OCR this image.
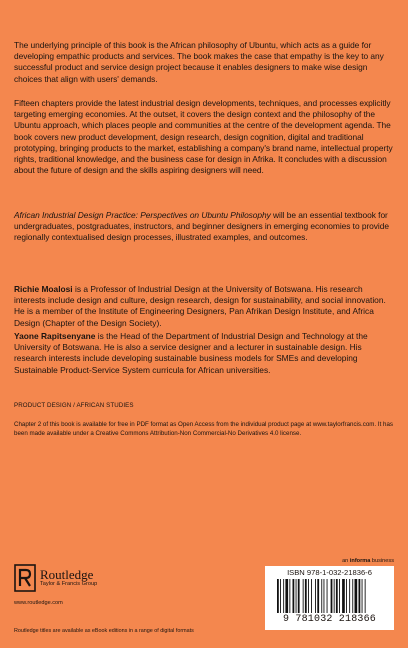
The underlying principle of this book is the African philosophy of Ubuntu, which acts as a guide for developing empathic products and services. The book makes the case that empathy is the key to any successful product and service design project because it enables designers to make wise design choices that align with users' demands.

Fifteen chapters provide the latest industrial design developments, techniques, and processes explicitly targeting emerging economies. At the outset, it covers the design context and the philosophy of the Ubuntu approach, which places people and communities at the centre of the development agenda. The book covers new product development, design research, design cognition, digital and traditional prototyping, bringing products to the market, establishing a company's brand name, intellectual property rights, traditional knowledge, and the business case for design in Afrika. It concludes with a discussion about the future of design and the skills aspiring designers will need.

African Industrial Design Practice: Perspectives on Ubuntu Philosophy will be an essential textbook for undergraduates, postgraduates, instructors, and beginner designers in emerging economies to provide regionally contextualised design processes, illustrated examples, and outcomes.

Richie Moalosi is a Professor of Industrial Design at the University of Botswana. His research interests include design and culture, design research, design for sustainability, and social innovation. He is a member of the Institute of Engineering Designers, Pan Afrikan Design Institute, and Africa Design (Chapter of the Design Society).

Yaone Rapitsenyane is the Head of the Department of Industrial Design and Technology at the University of Botswana. He is also a service designer and a lecturer in sustainable design. His research interests include developing sustainable business models for SMEs and developing Sustainable Product-Service System curricula for African universities.

PRODUCT DESIGN / AFRICAN STUDIES
Chapter 2 of this book is available for free in PDF format as Open Access from the individual product page at www.taylorfrancis.com. It has been made available under a Creative Commons Attribution-Non Commercial-No Derivatives 4.0 license.
an informa business
Routledge
Taylor & Francis Group
www.routledge.com
Routledge titles are available as eBook editions in a range of digital formats
ISBN 978-1-032-21836-6
9 781032 218366
